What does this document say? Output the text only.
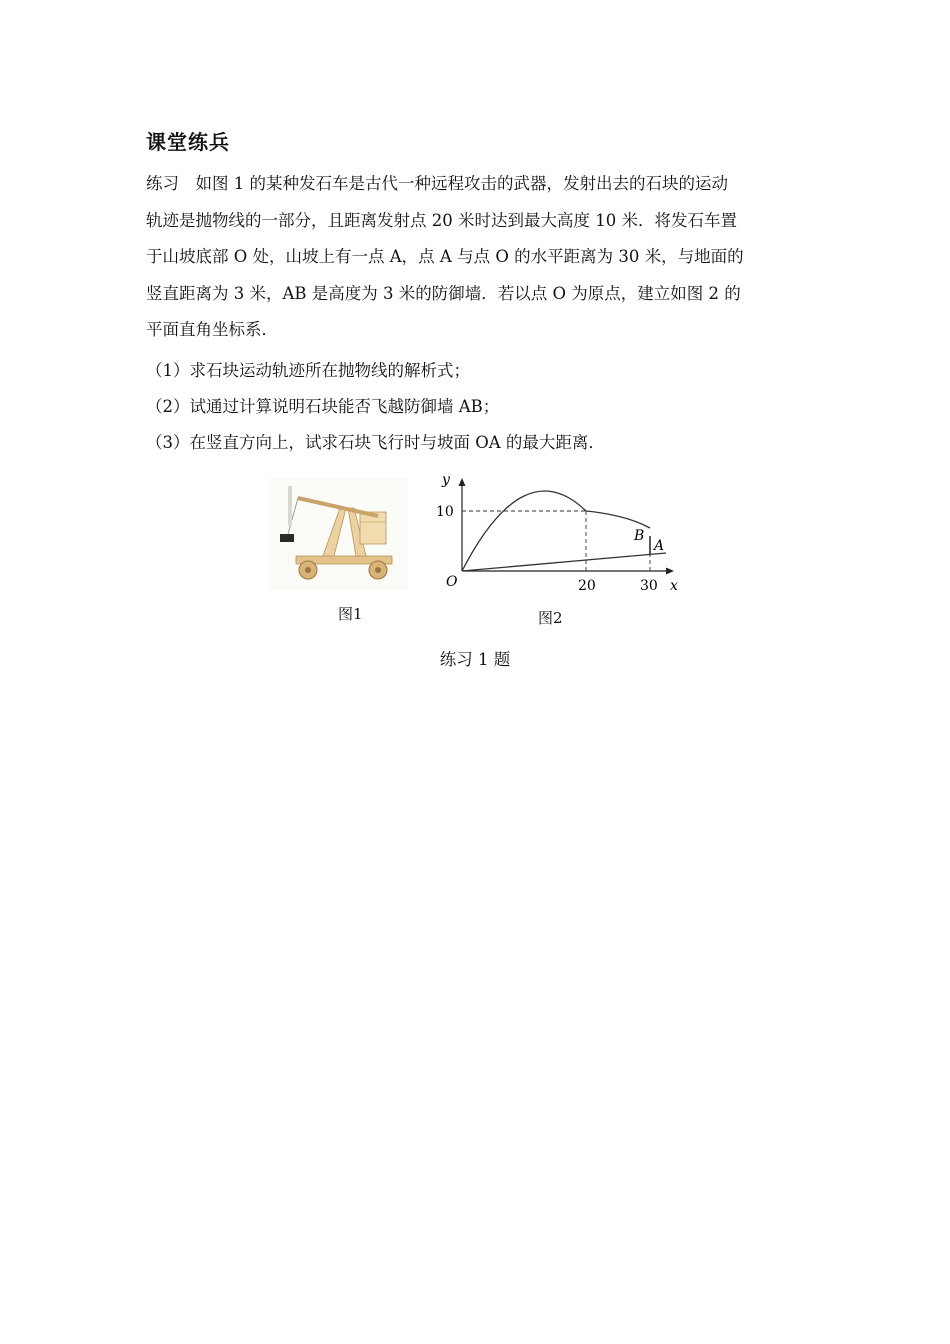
课堂练兵
练习　如图 1 的某种发石车是古代一种远程攻击的武器，发射出去的石块的运动
轨迹是抛物线的一部分，且距离发射点 20 米时达到最大高度 10 米．将发石车置
于山坡底部 O 处，山坡上有一点 A，点 A 与点 O 的水平距离为 30 米，与地面的
竖直距离为 3 米，AB 是高度为 3 米的防御墙．若以点 O 为原点，建立如图 2 的
平面直角坐标系．
（1）求石块运动轨迹所在抛物线的解析式；
（2）试通过计算说明石块能否飞越防御墙 AB；
（3）在竖直方向上，试求石块飞行时与坡面 OA 的最大距离．
图1
y
x
O
10
20	30
B
A
图2
练习 1 题
